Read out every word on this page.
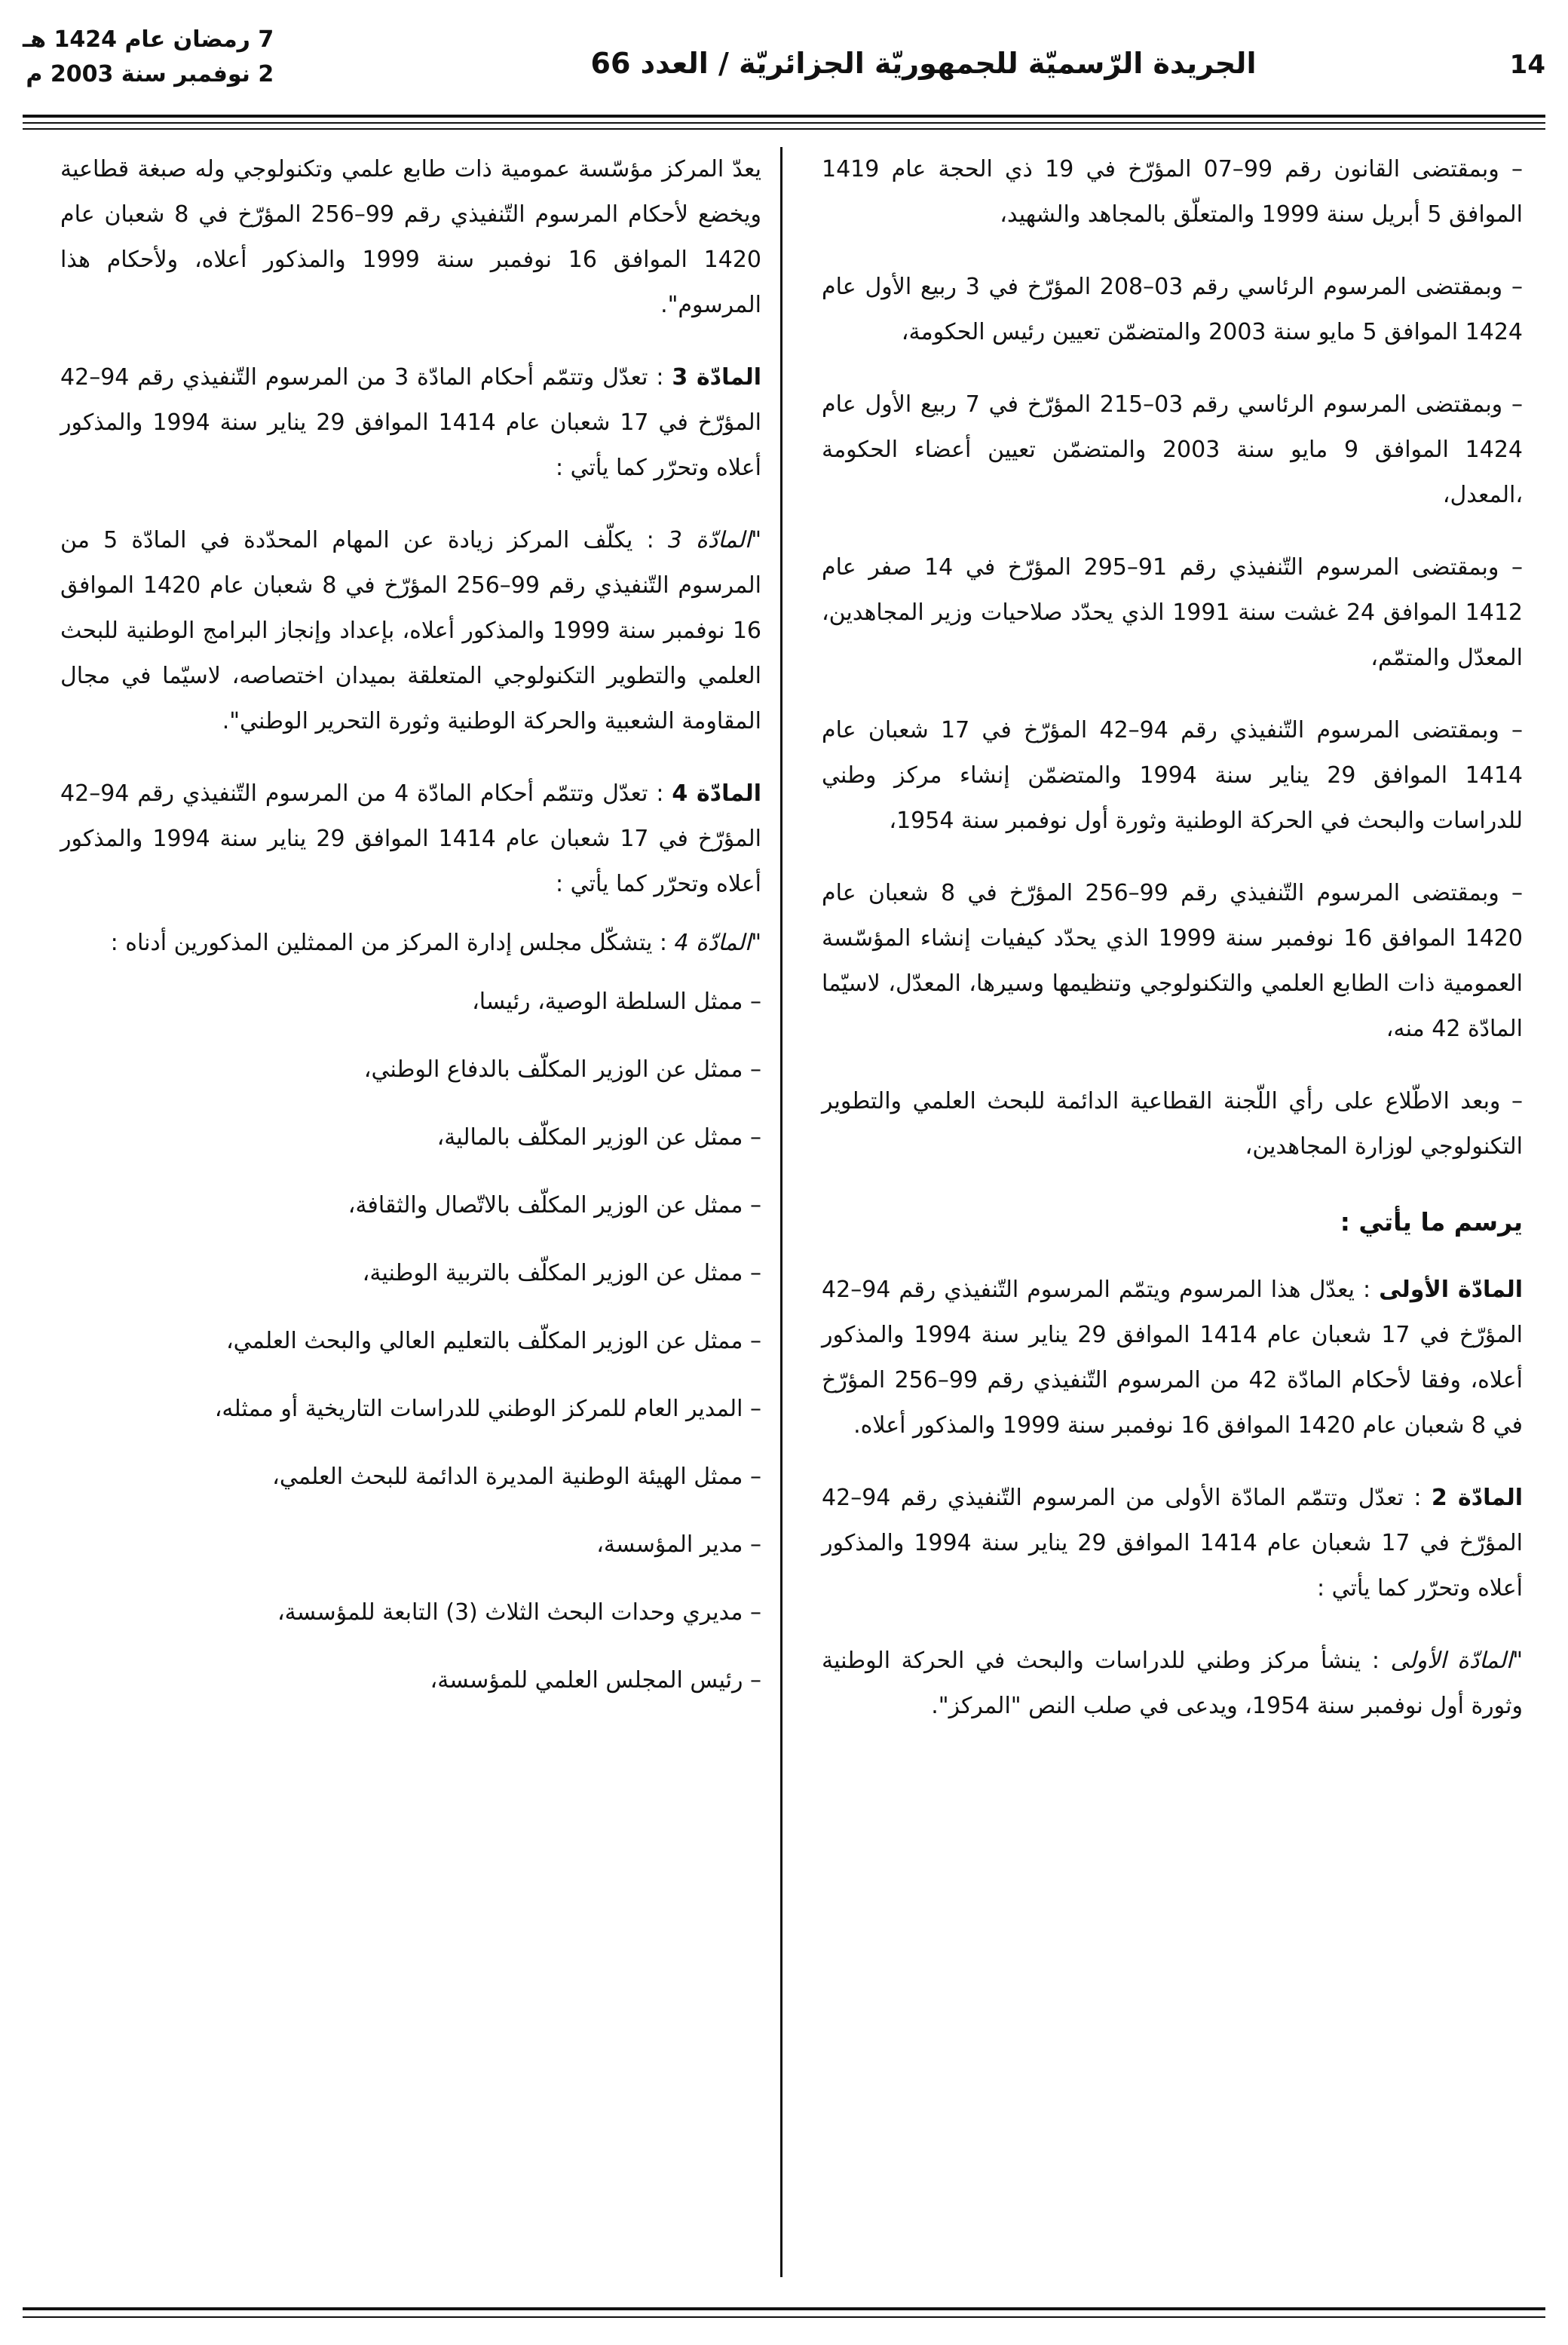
14
الجريدة الرّسميّة للجمهوريّة الجزائريّة / العدد 66
7 رمضان عام 1424 هـ
2 نوفمبر سنة 2003 م

– وبمقتضى القانون رقم 99–07 المؤرّخ في 19 ذي الحجة عام 1419 الموافق 5 أبريل سنة 1999 والمتعلّق بالمجاهد والشهيد،

– وبمقتضى المرسوم الرئاسي رقم 03–208 المؤرّخ في 3 ربيع الأول عام 1424 الموافق 5 مايو سنة 2003 والمتضمّن تعيين رئيس الحكومة،

– وبمقتضى المرسوم الرئاسي رقم 03–215 المؤرّخ في 7 ربيع الأول عام 1424 الموافق 9 مايو سنة 2003 والمتضمّن تعيين أعضاء الحكومة ،المعدل،

– وبمقتضى المرسوم التّنفيذي رقم 91–295 المؤرّخ في 14 صفر عام 1412 الموافق 24 غشت سنة 1991 الذي يحدّد صلاحيات وزير المجاهدين، المعدّل والمتمّم،

– وبمقتضى المرسوم التّنفيذي رقم 94–42 المؤرّخ في 17 شعبان عام 1414 الموافق 29 يناير سنة 1994 والمتضمّن إنشاء مركز وطني للدراسات والبحث في الحركة الوطنية وثورة أول نوفمبر سنة 1954،

– وبمقتضى المرسوم التّنفيذي رقم 99–256 المؤرّخ في 8 شعبان عام 1420 الموافق 16 نوفمبر سنة 1999 الذي يحدّد كيفيات إنشاء المؤسّسة العمومية ذات الطابع العلمي والتكنولوجي وتنظيمها وسيرها، المعدّل، لاسيّما المادّة 42 منه،

– وبعد الاطّلاع على رأي اللّجنة القطاعية الدائمة للبحث العلمي والتطوير التكنولوجي لوزارة المجاهدين،

يرسم ما يأتي :

المادّة الأولى : يعدّل هذا المرسوم ويتمّم المرسوم التّنفيذي رقم 94–42 المؤرّخ في 17 شعبان عام 1414 الموافق 29 يناير سنة 1994 والمذكور أعلاه، وفقا لأحكام المادّة 42 من المرسوم التّنفيذي رقم 99–256 المؤرّخ في 8 شعبان عام 1420 الموافق 16 نوفمبر سنة 1999 والمذكور أعلاه.

المادّة 2 : تعدّل وتتمّم المادّة الأولى من المرسوم التّنفيذي رقم 94–42 المؤرّخ في 17 شعبان عام 1414 الموافق 29 يناير سنة 1994 والمذكور أعلاه وتحرّر كما يأتي :

"المادّة الأولى : ينشأ مركز وطني للدراسات والبحث في الحركة الوطنية وثورة أول نوفمبر سنة 1954، ويدعى في صلب النص "المركز".

يعدّ المركز مؤسّسة عمومية ذات طابع علمي وتكنولوجي وله صبغة قطاعية ويخضع لأحكام المرسوم التّنفيذي رقم 99–256 المؤرّخ في 8 شعبان عام 1420 الموافق 16 نوفمبر سنة 1999 والمذكور أعلاه، ولأحكام هذا المرسوم".

المادّة 3 : تعدّل وتتمّم أحكام المادّة 3 من المرسوم التّنفيذي رقم 94–42 المؤرّخ في 17 شعبان عام 1414 الموافق 29 يناير سنة 1994 والمذكور أعلاه وتحرّر كما يأتي :

"المادّة 3 : يكلّف المركز زيادة عن المهام المحدّدة في المادّة 5 من المرسوم التّنفيذي رقم 99–256 المؤرّخ في 8 شعبان عام 1420 الموافق 16 نوفمبر سنة 1999 والمذكور أعلاه، بإعداد وإنجاز البرامج الوطنية للبحث العلمي والتطوير التكنولوجي المتعلقة بميدان اختصاصه، لاسيّما في مجال المقاومة الشعبية والحركة الوطنية وثورة التحرير الوطني".

المادّة 4 : تعدّل وتتمّم أحكام المادّة 4 من المرسوم التّنفيذي رقم 94–42 المؤرّخ في 17 شعبان عام 1414 الموافق 29 يناير سنة 1994 والمذكور أعلاه وتحرّر كما يأتي :

"المادّة 4 : يتشكّل مجلس إدارة المركز من الممثلين المذكورين أدناه :

– ممثل السلطة الوصية، رئيسا،
– ممثل عن الوزير المكلّف بالدفاع الوطني،
– ممثل عن الوزير المكلّف بالمالية،
– ممثل عن الوزير المكلّف بالاتّصال والثقافة،
– ممثل عن الوزير المكلّف بالتربية الوطنية،
– ممثل عن الوزير المكلّف بالتعليم العالي والبحث العلمي،
– المدير العام للمركز الوطني للدراسات التاريخية أو ممثله،
– ممثل الهيئة الوطنية المديرة الدائمة للبحث العلمي،
– مدير المؤسسة،
– مديري وحدات البحث الثلاث (3) التابعة للمؤسسة،
– رئيس المجلس العلمي للمؤسسة،
